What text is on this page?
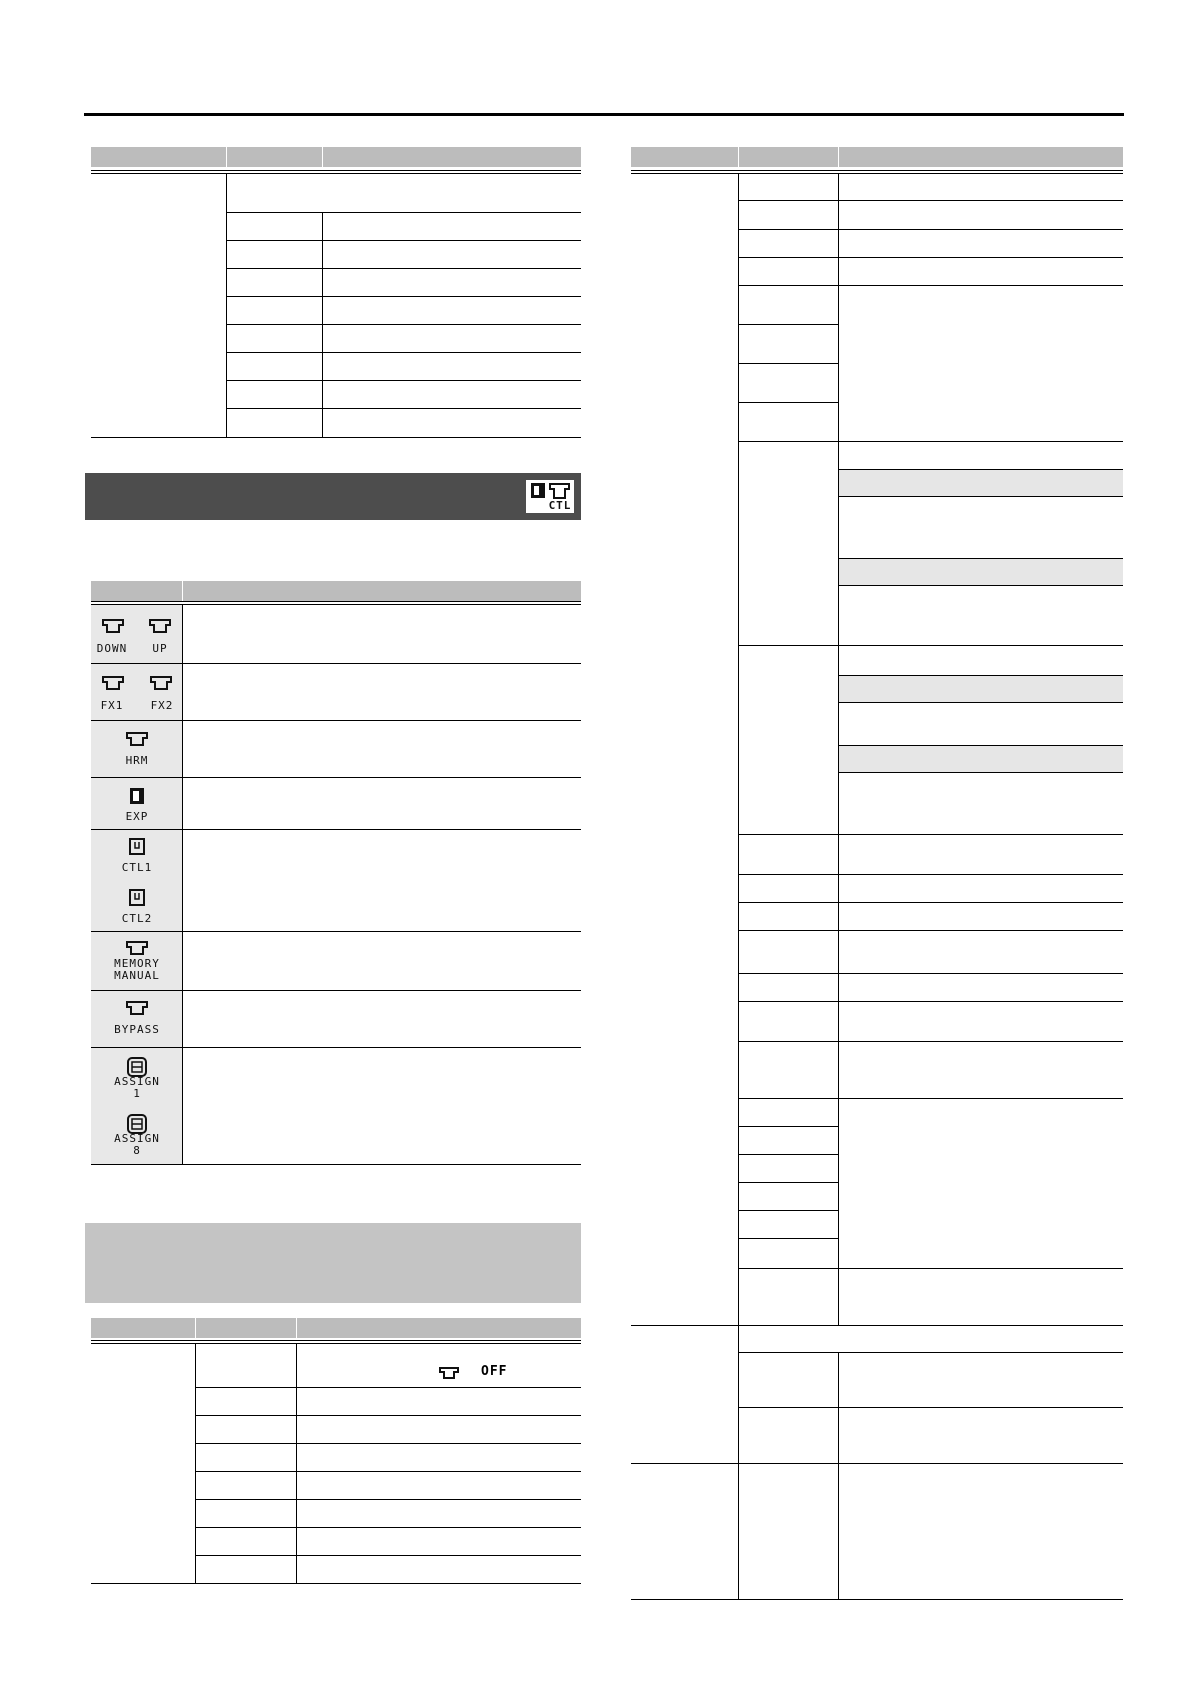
CTL
DOWN	UP
FX1	FX2
HRM
EXP
CTL1
CTL2
MEMORY
MANUAL
BYPASS
ASSIGN
1
ASSIGN
8
OFF
